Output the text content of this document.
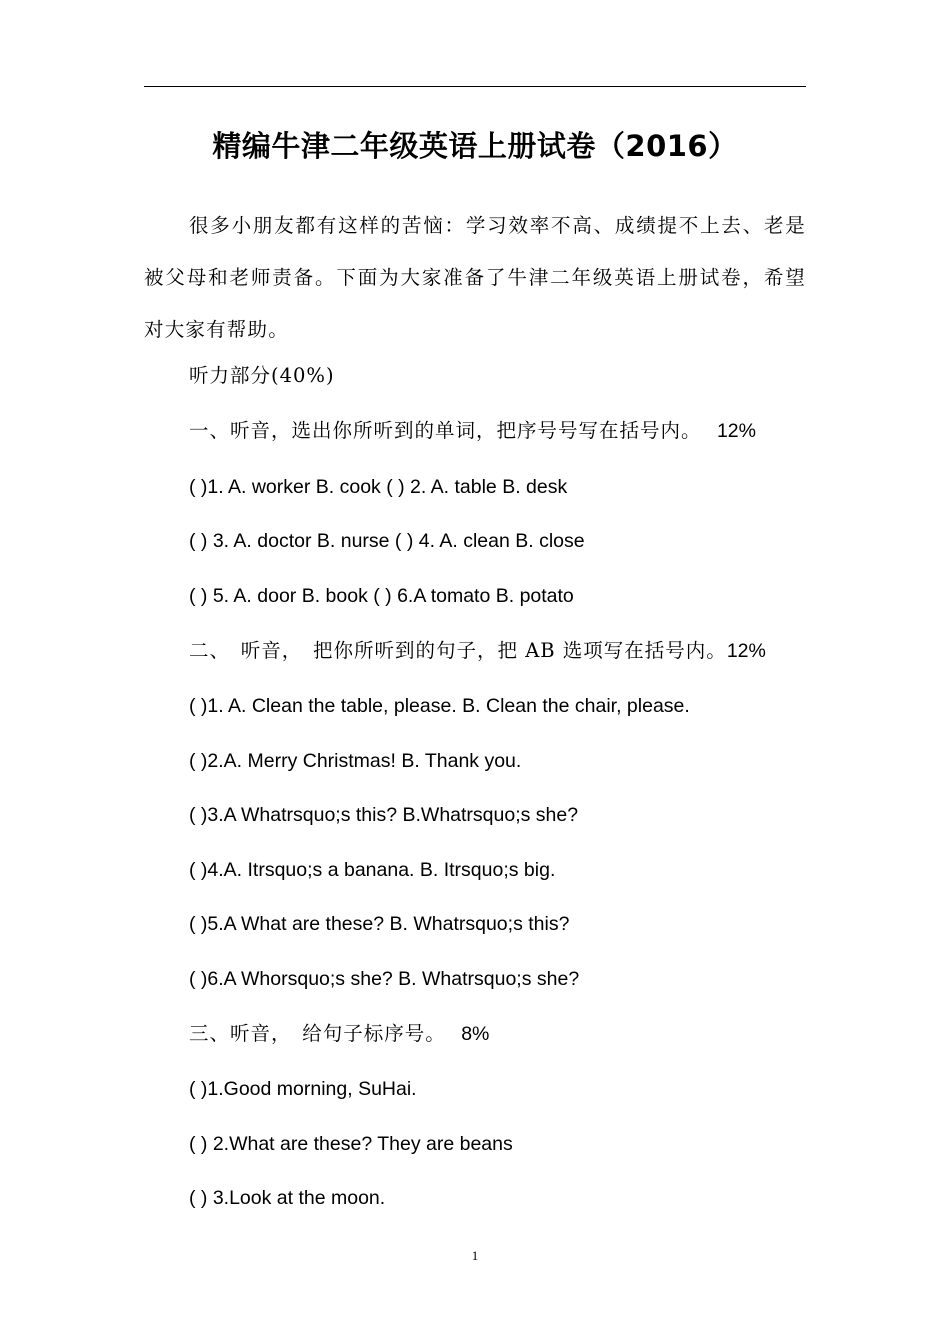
精编牛津二年级英语上册试卷（2016）
很多小朋友都有这样的苦恼：学习效率不高、成绩提不上去、老是被父母和老师责备。下面为大家准备了牛津二年级英语上册试卷，希望对大家有帮助。
听力部分(40%)
一、听音，选出你所听到的单词，把序号号写在括号内。 12%
( )1. A. worker B. cook ( ) 2. A. table B. desk
( ) 3. A. doctor B. nurse ( ) 4. A. clean B. close
( ) 5. A. door B. book ( ) 6.A tomato B. potato
二、　听音，　把你所听到的句子，把 AB 选项写在括号内。12%
( )1. A. Clean the table, please. B. Clean the chair, please.
( )2.A. Merry Christmas! B. Thank you.
( )3.A Whatrsquo;s this? B.Whatrsquo;s she?
( )4.A. Itrsquo;s a banana. B. Itrsquo;s big.
( )5.A What are these? B. Whatrsquo;s this?
( )6.A Whorsquo;s she? B. Whatrsquo;s she?
三、听音，　给句子标序号。 8%
( )1.Good morning, SuHai.
( ) 2.What are these? They are beans
( ) 3.Look at the moon.
1
